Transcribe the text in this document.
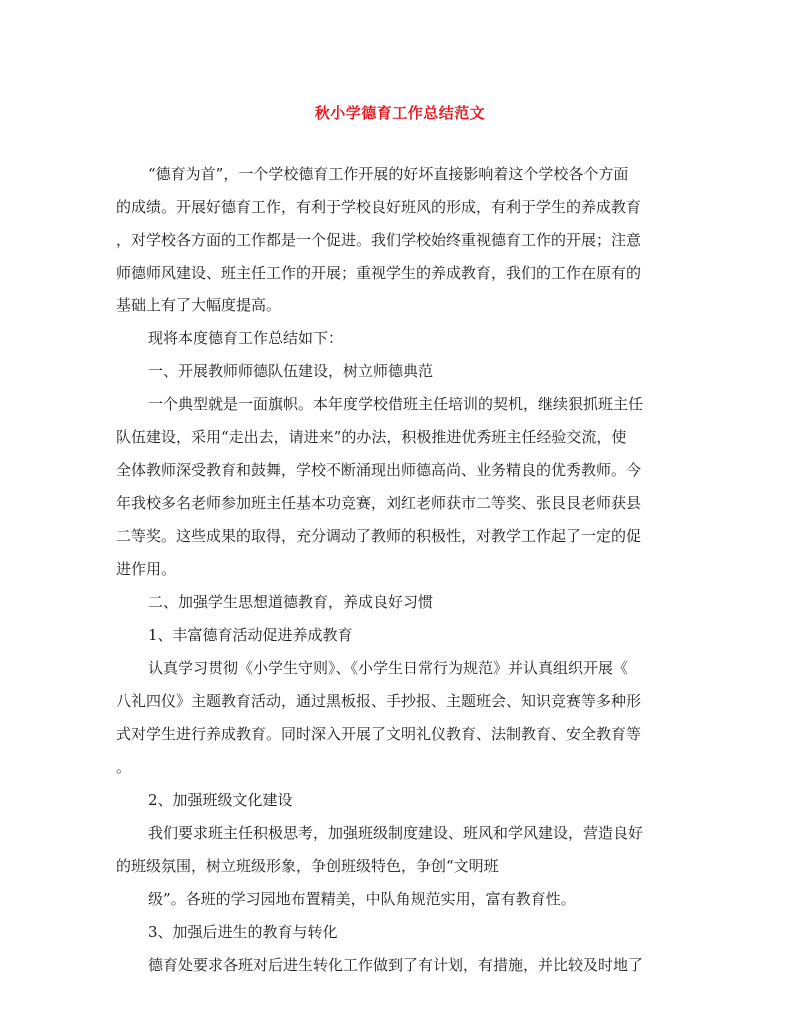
秋小学德育工作总结范文
“德育为首”，一个学校德育工作开展的好坏直接影响着这个学校各个方面
的成绩。开展好德育工作，有利于学校良好班风的形成，有利于学生的养成教育
，对学校各方面的工作都是一个促进。我们学校始终重视德育工作的开展；注意
师德师风建设、班主任工作的开展；重视学生的养成教育，我们的工作在原有的
基础上有了大幅度提高。
现将本度德育工作总结如下：
一、开展教师师德队伍建设，树立师德典范
一个典型就是一面旗帜。本年度学校借班主任培训的契机，继续狠抓班主任
队伍建设，采用“走出去，请进来”的办法，积极推进优秀班主任经验交流，使
全体教师深受教育和鼓舞，学校不断涌现出师德高尚、业务精良的优秀教师。今
年我校多名老师参加班主任基本功竞赛，刘红老师获市二等奖、张艮艮老师获县
二等奖。这些成果的取得，充分调动了教师的积极性，对教学工作起了一定的促
进作用。
二、加强学生思想道德教育，养成良好习惯
1、丰富德育活动促进养成教育
认真学习贯彻《小学生守则》、《小学生日常行为规范》并认真组织开展《
八礼四仪》主题教育活动，通过黑板报、手抄报、主题班会、知识竞赛等多种形
式对学生进行养成教育。同时深入开展了文明礼仪教育、法制教育、安全教育等
。
2、加强班级文化建设
我们要求班主任积极思考，加强班级制度建设、班风和学风建设，营造良好
的班级氛围，树立班级形象，争创班级特色，争创“文明班
级”。各班的学习园地布置精美，中队角规范实用，富有教育性。
3、加强后进生的教育与转化
德育处要求各班对后进生转化工作做到了有计划，有措施，并比较及时地了
